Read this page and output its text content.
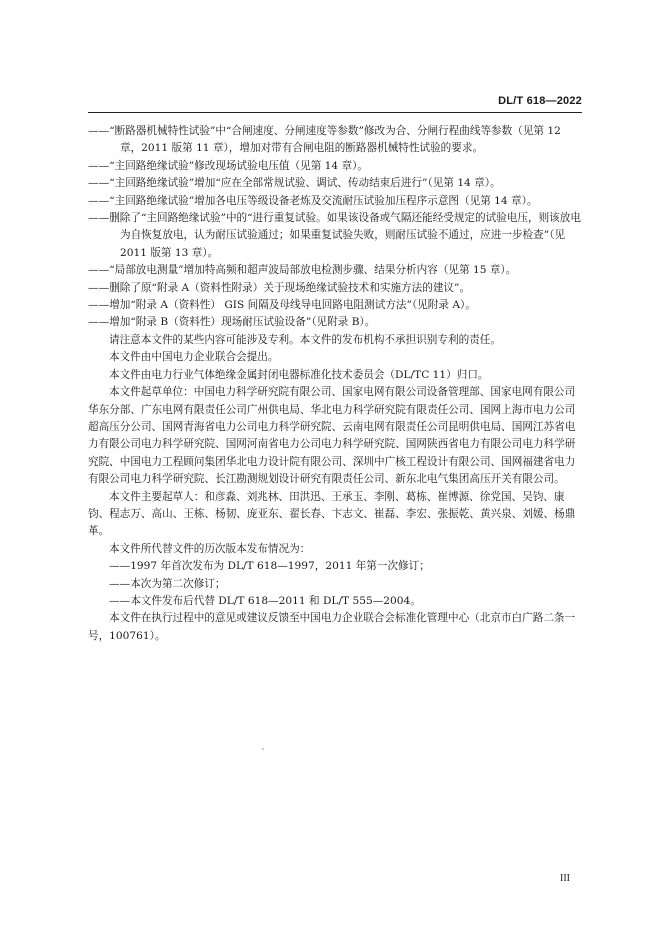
DL/T 618—2022
——“断路器机械特性试验”中“合闸速度、分闸速度等参数”修改为合、分闸行程曲线等参数（见第 12 章，2011 版第 11 章），增加对带有合闸电阻的断路器机械特性试验的要求。
——“主回路绝缘试验”修改现场试验电压值（见第 14 章）。
——“主回路绝缘试验”增加“应在全部常规试验、调试、传动结束后进行”（见第 14 章）。
——“主回路绝缘试验”增加各电压等级设备老炼及交流耐压试验加压程序示意图（见第 14 章）。
——删除了“主回路绝缘试验”中的“进行重复试验。如果该设备或气隔还能经受规定的试验电压，则该放电为自恢复放电，认为耐压试验通过；如果重复试验失败，则耐压试验不通过，应进一步检查”（见 2011 版第 13 章）。
——“局部放电测量”增加特高频和超声波局部放电检测步骤、结果分析内容（见第 15 章）。
——删除了原“附录 A（资料性附录）关于现场绝缘试验技术和实施方法的建议”。
——增加“附录 A（资料性） GIS 间隔及母线导电回路电阻测试方法”（见附录 A）。
——增加“附录 B（资料性）现场耐压试验设备”（见附录 B）。
请注意本文件的某些内容可能涉及专利。本文件的发布机构不承担识别专利的责任。
本文件由中国电力企业联合会提出。
本文件由电力行业气体绝缘金属封闭电器标准化技术委员会（DL/TC 11）归口。
本文件起草单位：中国电力科学研究院有限公司、国家电网有限公司设备管理部、国家电网有限公司华东分部、广东电网有限责任公司广州供电局、华北电力科学研究院有限责任公司、国网上海市电力公司超高压分公司、国网青海省电力公司电力科学研究院、云南电网有限责任公司昆明供电局、国网江苏省电力有限公司电力科学研究院、国网河南省电力公司电力科学研究院、国网陕西省电力有限公司电力科学研究院、中国电力工程顾问集团华北电力设计院有限公司、深圳中广核工程设计有限公司、国网福建省电力有限公司电力科学研究院、长江勘测规划设计研究有限责任公司、新东北电气集团高压开关有限公司。
本文件主要起草人：和彦淼、刘兆林、田洪迅、王承玉、李刚、葛栋、崔博源、徐党国、吴钧、康钧、程志万、高山、王栋、杨韧、庞亚东、翟长春、卞志文、崔磊、李宏、张振乾、黄兴泉、刘媛、杨鼎革。
本文件所代替文件的历次版本发布情况为：
——1997 年首次发布为 DL/T 618—1997，2011 年第一次修订；
——本次为第二次修订；
——本文件发布后代替 DL/T 618—2011 和 DL/T 555—2004。
本文件在执行过程中的意见或建议反馈至中国电力企业联合会标准化管理中心（北京市白广路二条一号，100761）。
III
